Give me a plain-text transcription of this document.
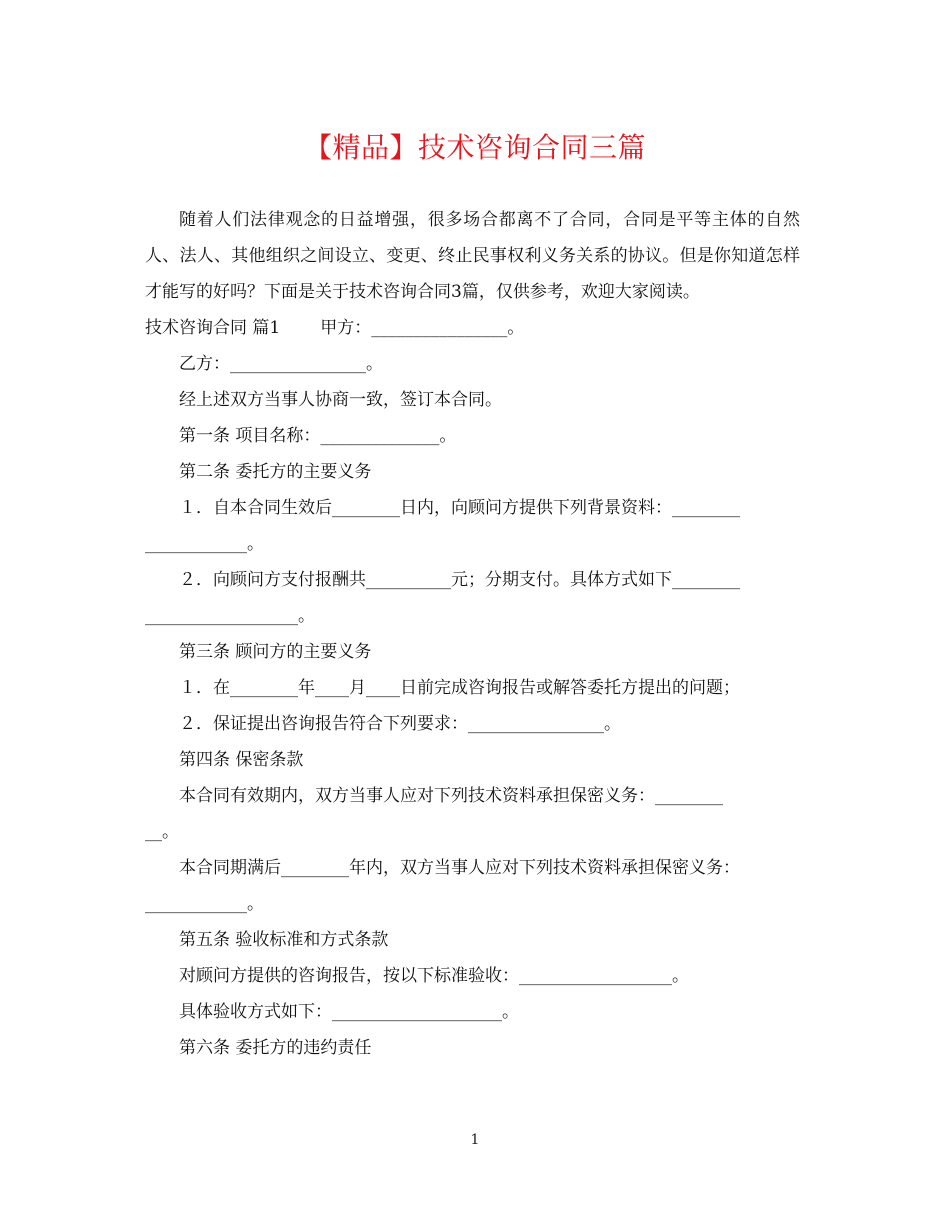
【精品】技术咨询合同三篇

随着人们法律观念的日益增强，很多场合都离不了合同，合同是平等主体的自然人、法人、其他组织之间设立、变更、终止民事权利义务关系的协议。但是你知道怎样才能写的好吗？下面是关于技术咨询合同3篇，仅供参考，欢迎大家阅读。

技术咨询合同 篇1 甲方：________________。

乙方：________________。

经上述双方当事人协商一致，签订本合同。

第一条 项目名称：______________。

第二条 委托方的主要义务

１．自本合同生效后________日内，向顾问方提供下列背景资料：________

____________。

２．向顾问方支付报酬共__________元；分期支付。具体方式如下________

__________________。

第三条 顾问方的主要义务

１．在________年____月____日前完成咨询报告或解答委托方提出的问题；

２．保证提出咨询报告符合下列要求：________________。

第四条 保密条款

本合同有效期内，双方当事人应对下列技术资料承担保密义务：________

__。

本合同期满后________年内，双方当事人应对下列技术资料承担保密义务：

____________。

第五条 验收标准和方式条款

对顾问方提供的咨询报告，按以下标准验收：__________________。

具体验收方式如下：____________________。

第六条 委托方的违约责任

1
